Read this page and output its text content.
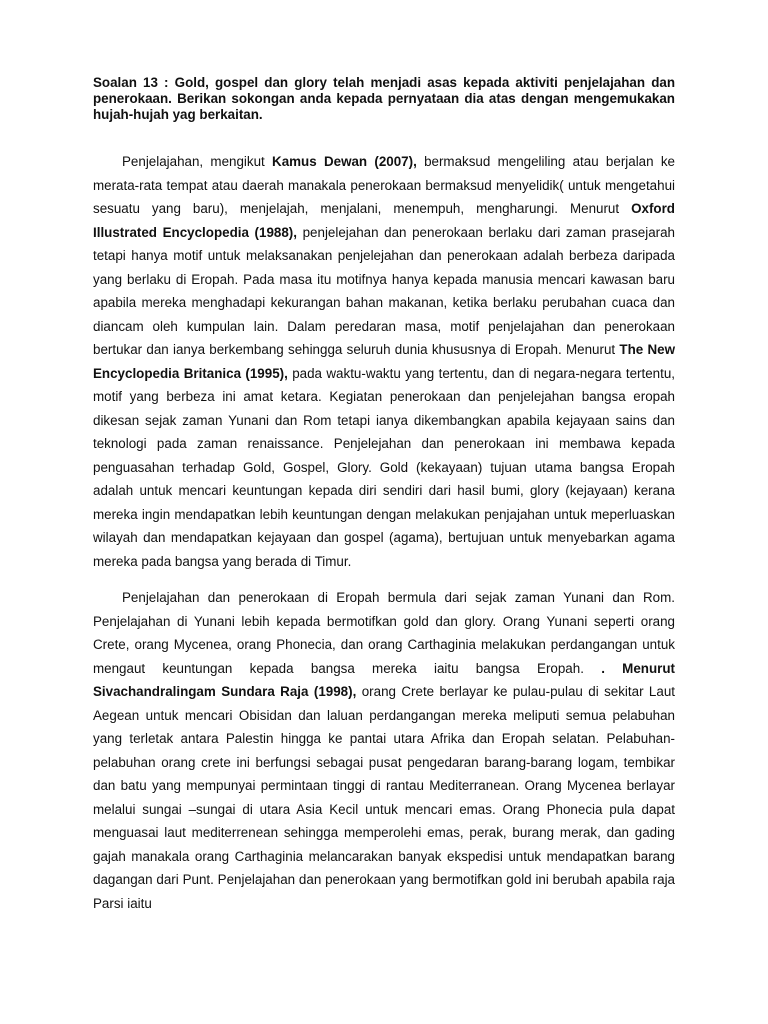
Soalan 13 : Gold, gospel dan glory telah menjadi asas kepada aktiviti penjelajahan dan penerokaan. Berikan sokongan anda kepada pernyataan dia atas dengan mengemukakan hujah-hujah yag berkaitan.

Penjelajahan, mengikut Kamus Dewan (2007), bermaksud mengeliling atau berjalan ke merata-rata tempat atau daerah manakala penerokaan bermaksud menyelidik( untuk mengetahui sesuatu yang baru), menjelajah, menjalani, menempuh, mengharungi. Menurut Oxford Illustrated Encyclopedia (1988), penjelejahan dan penerokaan berlaku dari zaman prasejarah tetapi hanya motif untuk melaksanakan penjelejahan dan penerokaan adalah berbeza daripada yang berlaku di Eropah. Pada masa itu motifnya hanya kepada manusia mencari kawasan baru apabila mereka menghadapi kekurangan bahan makanan, ketika berlaku perubahan cuaca dan diancam oleh kumpulan lain. Dalam peredaran masa, motif penjelajahan dan penerokaan bertukar dan ianya berkembang sehingga seluruh dunia khususnya di Eropah. Menurut The New Encyclopedia Britanica (1995), pada waktu-waktu yang tertentu, dan di negara-negara tertentu, motif yang berbeza ini amat ketara. Kegiatan penerokaan dan penjelejahan bangsa eropah dikesan sejak zaman Yunani dan Rom tetapi ianya dikembangkan apabila kejayaan sains dan teknologi pada zaman renaissance. Penjelejahan dan penerokaan ini membawa kepada penguasahan terhadap Gold, Gospel, Glory. Gold (kekayaan) tujuan utama bangsa Eropah adalah untuk mencari keuntungan kepada diri sendiri dari hasil bumi, glory (kejayaan) kerana mereka ingin mendapatkan lebih keuntungan dengan melakukan penjajahan untuk meperluaskan wilayah dan mendapatkan kejayaan dan gospel (agama), bertujuan untuk menyebarkan agama mereka pada bangsa yang berada di Timur.

Penjelajahan dan penerokaan di Eropah bermula dari sejak zaman Yunani dan Rom. Penjelajahan di Yunani lebih kepada bermotifkan gold dan glory. Orang Yunani seperti orang Crete, orang Mycenea, orang Phonecia, dan orang Carthaginia melakukan perdangangan untuk mengaut keuntungan kepada bangsa mereka iaitu bangsa Eropah. . Menurut Sivachandralingam Sundara Raja (1998), orang Crete berlayar ke pulau-pulau di sekitar Laut Aegean untuk mencari Obisidan dan laluan perdangangan mereka meliputi semua pelabuhan yang terletak antara Palestin hingga ke pantai utara Afrika dan Eropah selatan. Pelabuhan-pelabuhan orang crete ini berfungsi sebagai pusat pengedaran barang-barang logam, tembikar dan batu yang mempunyai permintaan tinggi di rantau Mediterranean. Orang Mycenea berlayar melalui sungai –sungai di utara Asia Kecil untuk mencari emas. Orang Phonecia pula dapat menguasai laut mediterrenean sehingga memperolehi emas, perak, burang merak, dan gading gajah manakala orang Carthaginia melancarakan banyak ekspedisi untuk mendapatkan barang dagangan dari Punt. Penjelajahan dan penerokaan yang bermotifkan gold ini berubah apabila raja Parsi iaitu
